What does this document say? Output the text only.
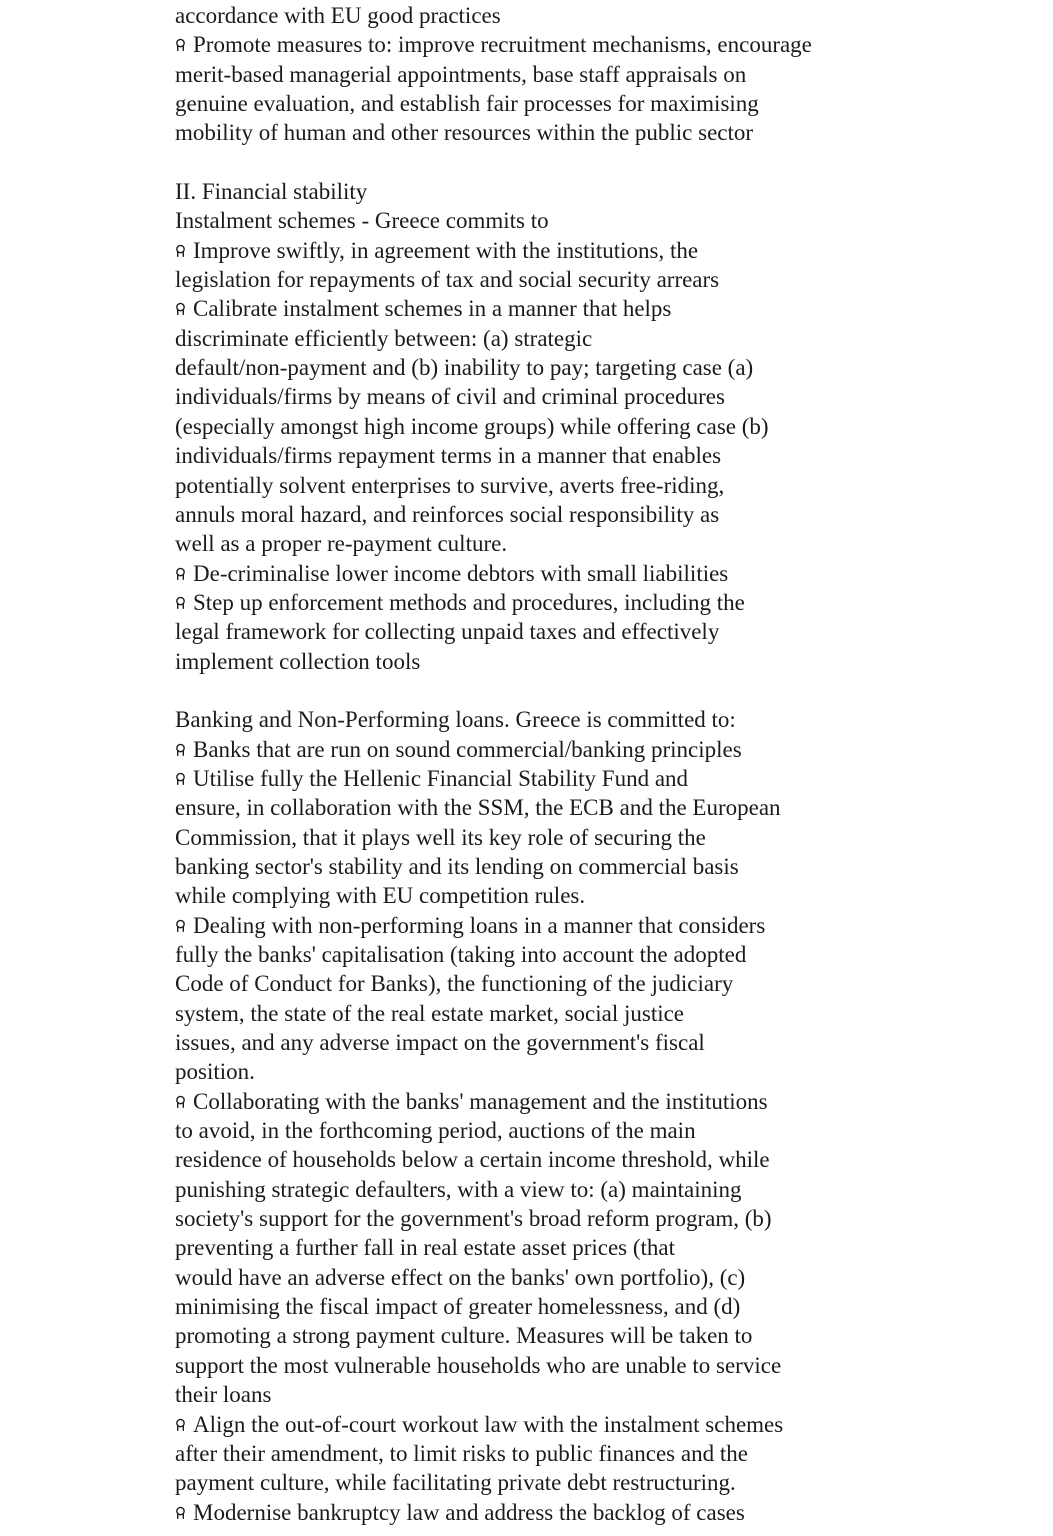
accordance with EU good practices
Promote measures to: improve recruitment mechanisms, encourage
merit-based managerial appointments, base staff appraisals on
genuine evaluation, and establish fair processes for maximising
mobility of human and other resources within the public sector
II. Financial stability
Instalment schemes - Greece commits to
Improve swiftly, in agreement with the institutions, the
legislation for repayments of tax and social security arrears
Calibrate instalment schemes in a manner that helps
discriminate efficiently between: (a) strategic
default/non-payment and (b) inability to pay; targeting case (a)
individuals/firms by means of civil and criminal procedures
(especially amongst high income groups) while offering case (b)
individuals/firms repayment terms in a manner that enables
potentially solvent enterprises to survive, averts free-riding,
annuls moral hazard, and reinforces social responsibility as
well as a proper re-payment culture.
De-criminalise lower income debtors with small liabilities
Step up enforcement methods and procedures, including the
legal framework for collecting unpaid taxes and effectively
implement collection tools
Banking and Non-Performing loans. Greece is committed to:
Banks that are run on sound commercial/banking principles
Utilise fully the Hellenic Financial Stability Fund and
ensure, in collaboration with the SSM, the ECB and the European
Commission, that it plays well its key role of securing the
banking sector's stability and its lending on commercial basis
while complying with EU competition rules.
Dealing with non-performing loans in a manner that considers
fully the banks' capitalisation (taking into account the adopted
Code of Conduct for Banks), the functioning of the judiciary
system, the state of the real estate market, social justice
issues, and any adverse impact on the government's fiscal
position.
Collaborating with the banks' management and the institutions
to avoid, in the forthcoming period, auctions of the main
residence of households below a certain income threshold, while
punishing strategic defaulters, with a view to: (a) maintaining
society's support for the government's broad reform program, (b)
preventing a further fall in real estate asset prices (that
would have an adverse effect on the banks' own portfolio), (c)
minimising the fiscal impact of greater homelessness, and (d)
promoting a strong payment culture. Measures will be taken to
support the most vulnerable households who are unable to service
their loans
Align the out-of-court workout law with the instalment schemes
after their amendment, to limit risks to public finances and the
payment culture, while facilitating private debt restructuring.
Modernise bankruptcy law and address the backlog of cases
